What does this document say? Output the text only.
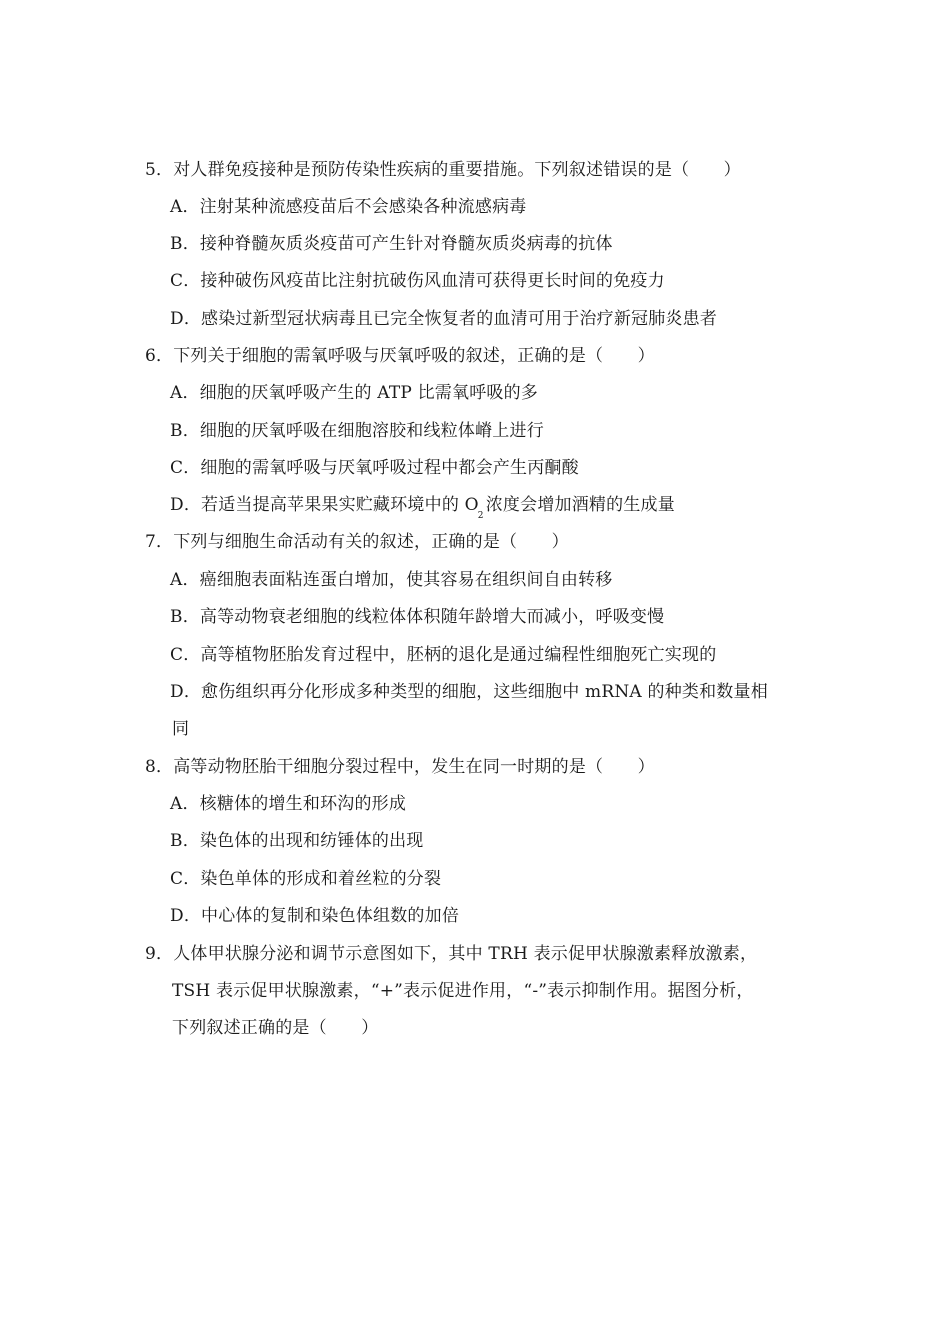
5．对人群免疫接种是预防传染性疾病的重要措施。下列叙述错误的是（　　）
A．注射某种流感疫苗后不会感染各种流感病毒
B．接种脊髓灰质炎疫苗可产生针对脊髓灰质炎病毒的抗体
C．接种破伤风疫苗比注射抗破伤风血清可获得更长时间的免疫力
D．感染过新型冠状病毒且已完全恢复者的血清可用于治疗新冠肺炎患者
6．下列关于细胞的需氧呼吸与厌氧呼吸的叙述，正确的是（　　）
A．细胞的厌氧呼吸产生的 ATP 比需氧呼吸的多
B．细胞的厌氧呼吸在细胞溶胶和线粒体嵴上进行
C．细胞的需氧呼吸与厌氧呼吸过程中都会产生丙酮酸
D．若适当提高苹果果实贮藏环境中的 $O_2$浓度会增加酒精的生成量
7．下列与细胞生命活动有关的叙述，正确的是（　　）
A．癌细胞表面粘连蛋白增加，使其容易在组织间自由转移
B．高等动物衰老细胞的线粒体体积随年龄增大而减小，呼吸变慢
C．高等植物胚胎发育过程中，胚柄的退化是通过编程性细胞死亡实现的
D．愈伤组织再分化形成多种类型的细胞，这些细胞中 mRNA 的种类和数量相
同
8．高等动物胚胎干细胞分裂过程中，发生在同一时期的是（　　）
A．核糖体的增生和环沟的形成
B．染色体的出现和纺锤体的出现
C．染色单体的形成和着丝粒的分裂
D．中心体的复制和染色体组数的加倍
9．人体甲状腺分泌和调节示意图如下，其中 TRH 表示促甲状腺激素释放激素，
TSH 表示促甲状腺激素，“+”表示促进作用，“-”表示抑制作用。据图分析，
下列叙述正确的是（　　）
